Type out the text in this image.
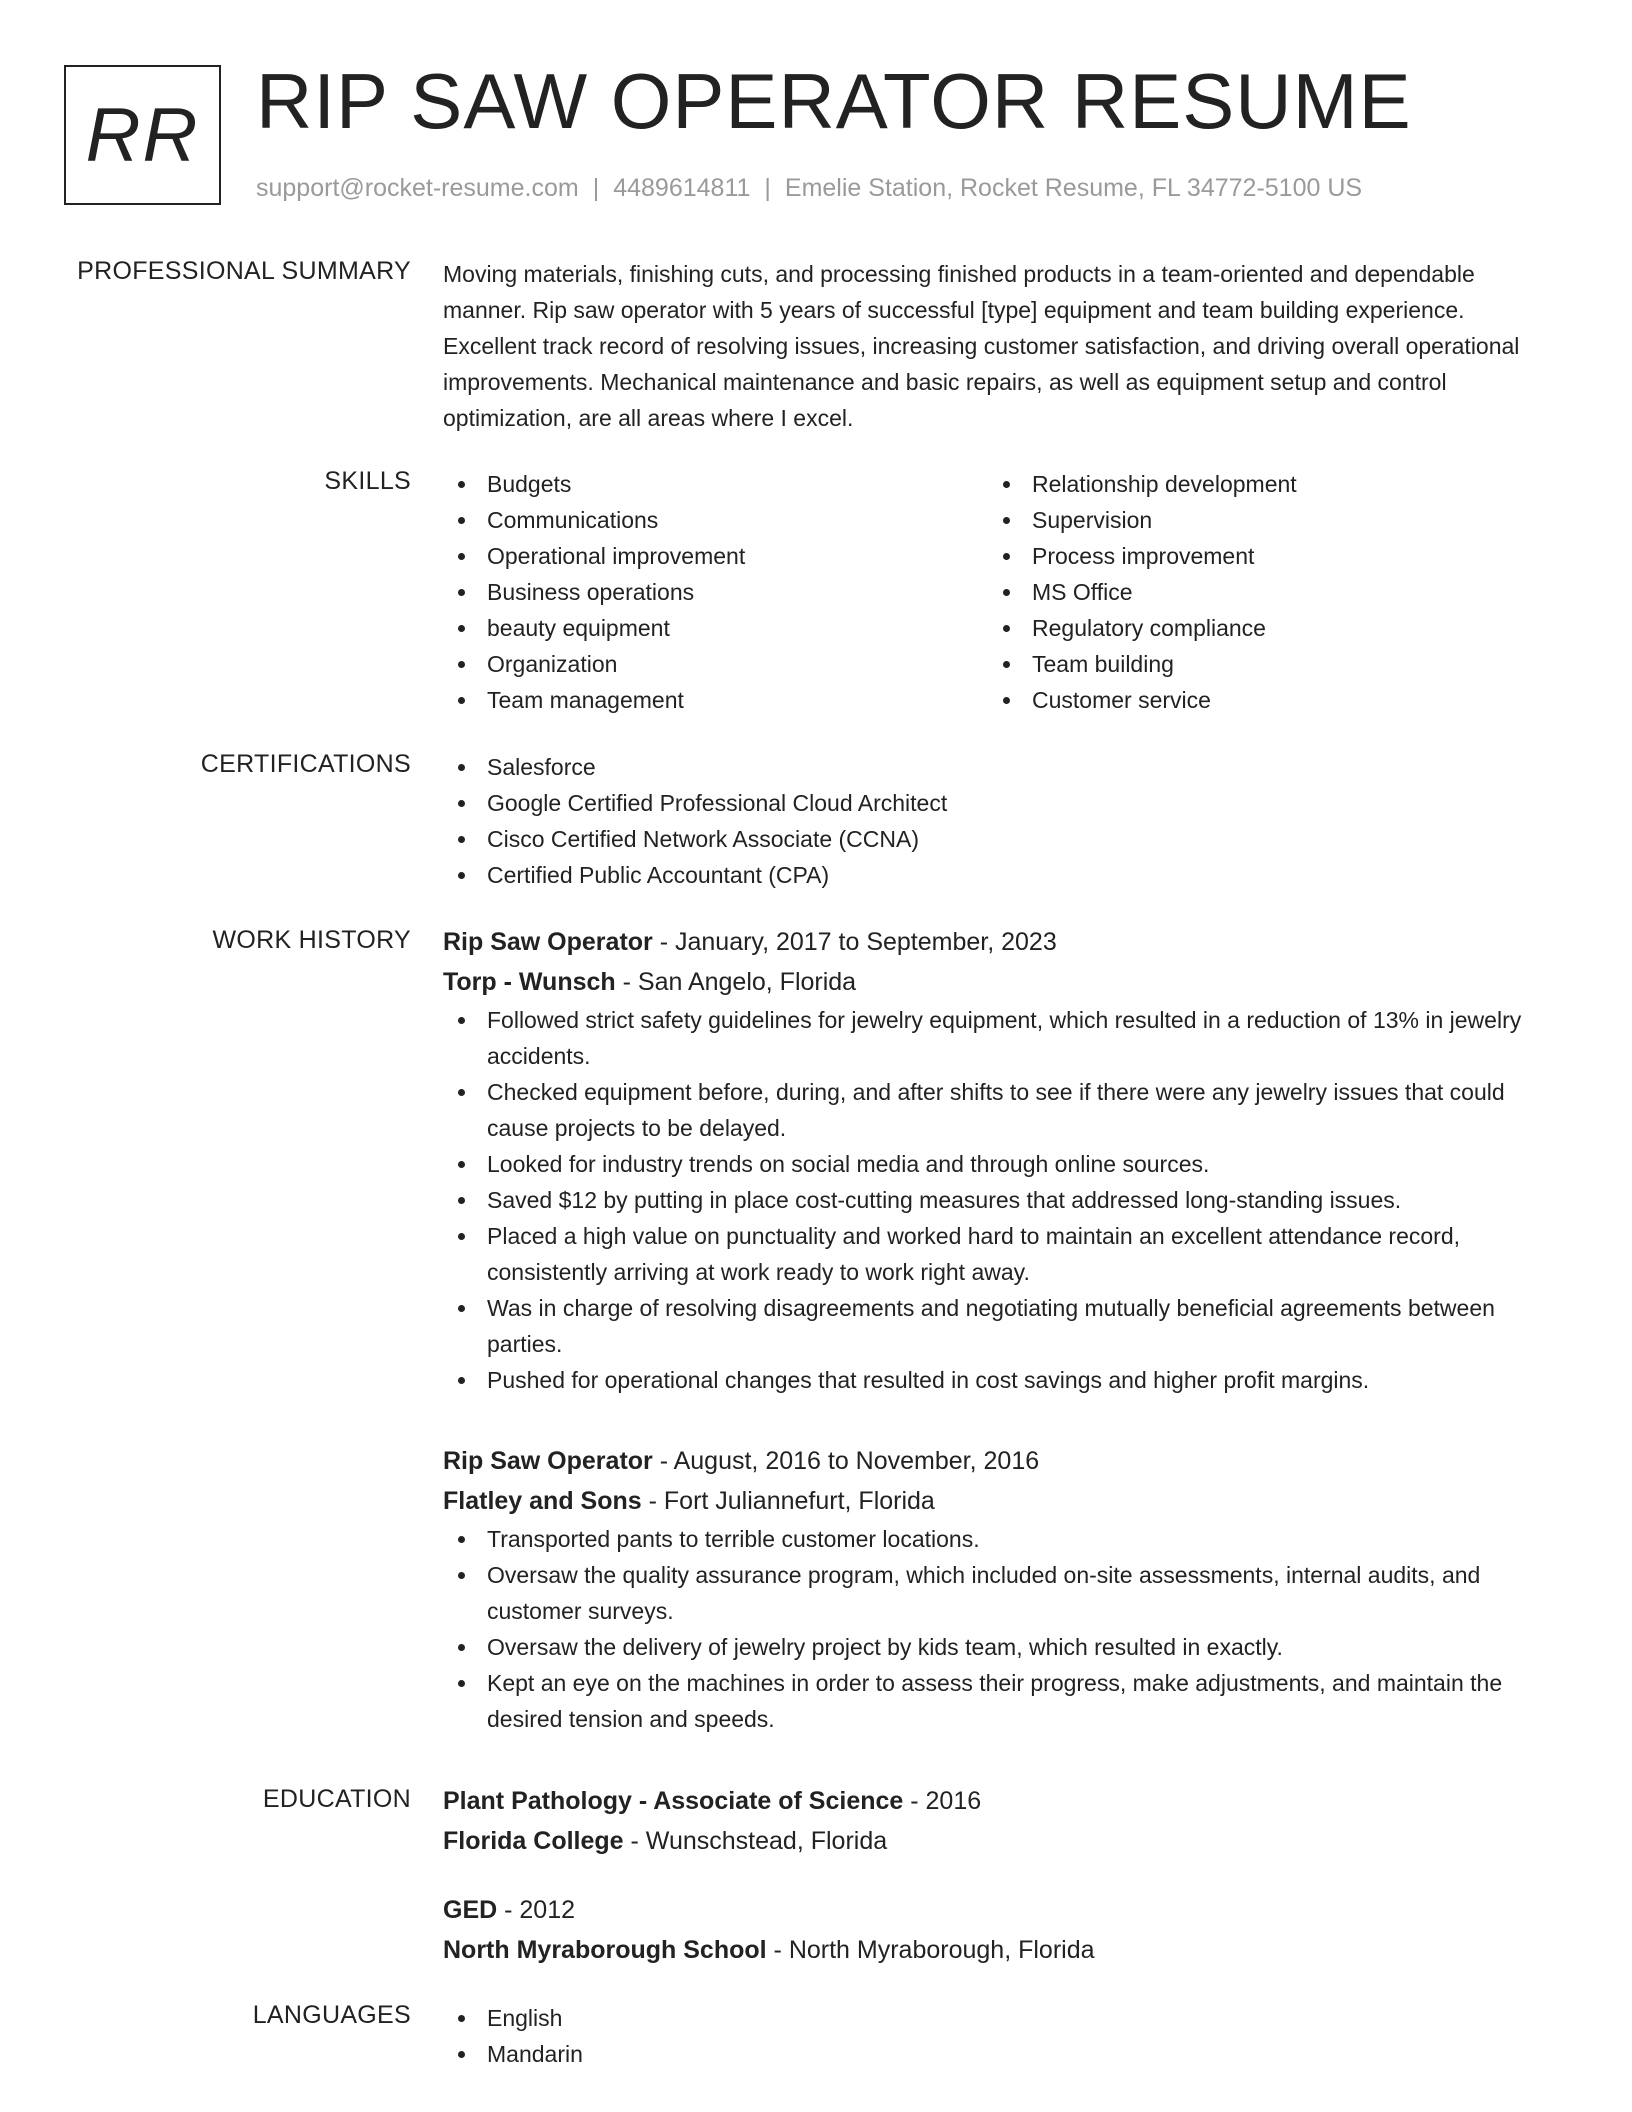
RR RIP SAW OPERATOR RESUME

support@rocket-resume.com | 4489614811 | Emelie Station, Rocket Resume, FL 34772-5100 US

PROFESSIONAL SUMMARY Moving materials, finishing cuts, and processing finished products in a team-oriented and dependable manner. Rip saw operator with 5 years of successful [type] equipment and team building experience. Excellent track record of resolving issues, increasing customer satisfaction, and driving overall operational improvements. Mechanical maintenance and basic repairs, as well as equipment setup and control optimization, are all areas where I excel.

SKILLS	Budgets
Communications
Operational improvement
Business operations
beauty equipment
Organization
Team management
Relationship development
Supervision
Process improvement
MS Office
Regulatory compliance
Team building
Customer service
CERTIFICATIONS	Salesforce
Google Certified Professional Cloud Architect
Cisco Certified Network Associate (CCNA)
Certified Public Accountant (CPA)
WORK HISTORY Rip Saw Operator - January, 2017 to September, 2023
Torp - Wunsch - San Angelo, Florida
Followed strict safety guidelines for jewelry equipment, which resulted in a reduction of 13% in jewelry accidents.
Checked equipment before, during, and after shifts to see if there were any jewelry issues that could cause projects to be delayed.
Looked for industry trends on social media and through online sources.
Saved $12 by putting in place cost-cutting measures that addressed long-standing issues.
Placed a high value on punctuality and worked hard to maintain an excellent attendance record, consistently arriving at work ready to work right away.
Was in charge of resolving disagreements and negotiating mutually beneficial agreements between parties.
Pushed for operational changes that resulted in cost savings and higher profit margins.
Rip Saw Operator - August, 2016 to November, 2016
Flatley and Sons - Fort Juliannefurt, Florida
Transported pants to terrible customer locations.
Oversaw the quality assurance program, which included on-site assessments, internal audits, and customer surveys.
Oversaw the delivery of jewelry project by kids team, which resulted in exactly.
Kept an eye on the machines in order to assess their progress, make adjustments, and maintain the desired tension and speeds.
EDUCATION Plant Pathology - Associate of Science - 2016
Florida College - Wunschstead, Florida
GED - 2012
North Myraborough School - North Myraborough, Florida
LANGUAGES	English
Mandarin
